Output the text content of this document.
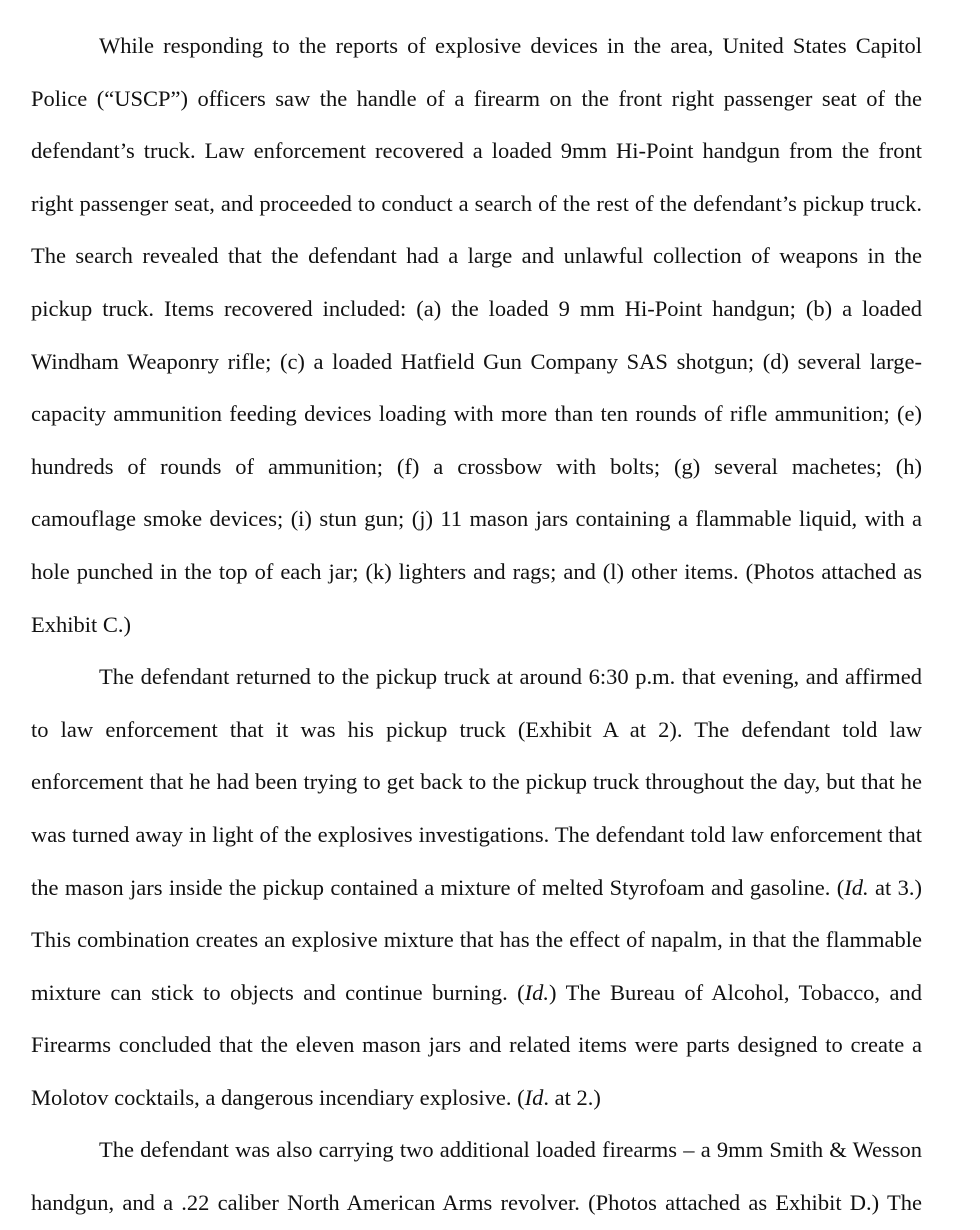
While responding to the reports of explosive devices in the area, United States Capitol Police (“USCP”) officers saw the handle of a firearm on the front right passenger seat of the defendant’s truck. Law enforcement recovered a loaded 9mm Hi-Point handgun from the front right passenger seat, and proceeded to conduct a search of the rest of the defendant’s pickup truck. The search revealed that the defendant had a large and unlawful collection of weapons in the pickup truck. Items recovered included: (a) the loaded 9 mm Hi-Point handgun; (b) a loaded Windham Weaponry rifle; (c) a loaded Hatfield Gun Company SAS shotgun; (d) several large-capacity ammunition feeding devices loading with more than ten rounds of rifle ammunition; (e) hundreds of rounds of ammunition; (f) a crossbow with bolts; (g) several machetes; (h) camouflage smoke devices; (i) stun gun; (j) 11 mason jars containing a flammable liquid, with a hole punched in the top of each jar; (k) lighters and rags; and (l) other items. (Photos attached as Exhibit C.)

The defendant returned to the pickup truck at around 6:30 p.m. that evening, and affirmed to law enforcement that it was his pickup truck (Exhibit A at 2). The defendant told law enforcement that he had been trying to get back to the pickup truck throughout the day, but that he was turned away in light of the explosives investigations. The defendant told law enforcement that the mason jars inside the pickup contained a mixture of melted Styrofoam and gasoline. (Id. at 3.) This combination creates an explosive mixture that has the effect of napalm, in that the flammable mixture can stick to objects and continue burning. (Id.) The Bureau of Alcohol, Tobacco, and Firearms concluded that the eleven mason jars and related items were parts designed to create a Molotov cocktails, a dangerous incendiary explosive. (Id. at 2.)

The defendant was also carrying two additional loaded firearms – a 9mm Smith & Wesson handgun, and a .22 caliber North American Arms revolver. (Photos attached as Exhibit D.) The
